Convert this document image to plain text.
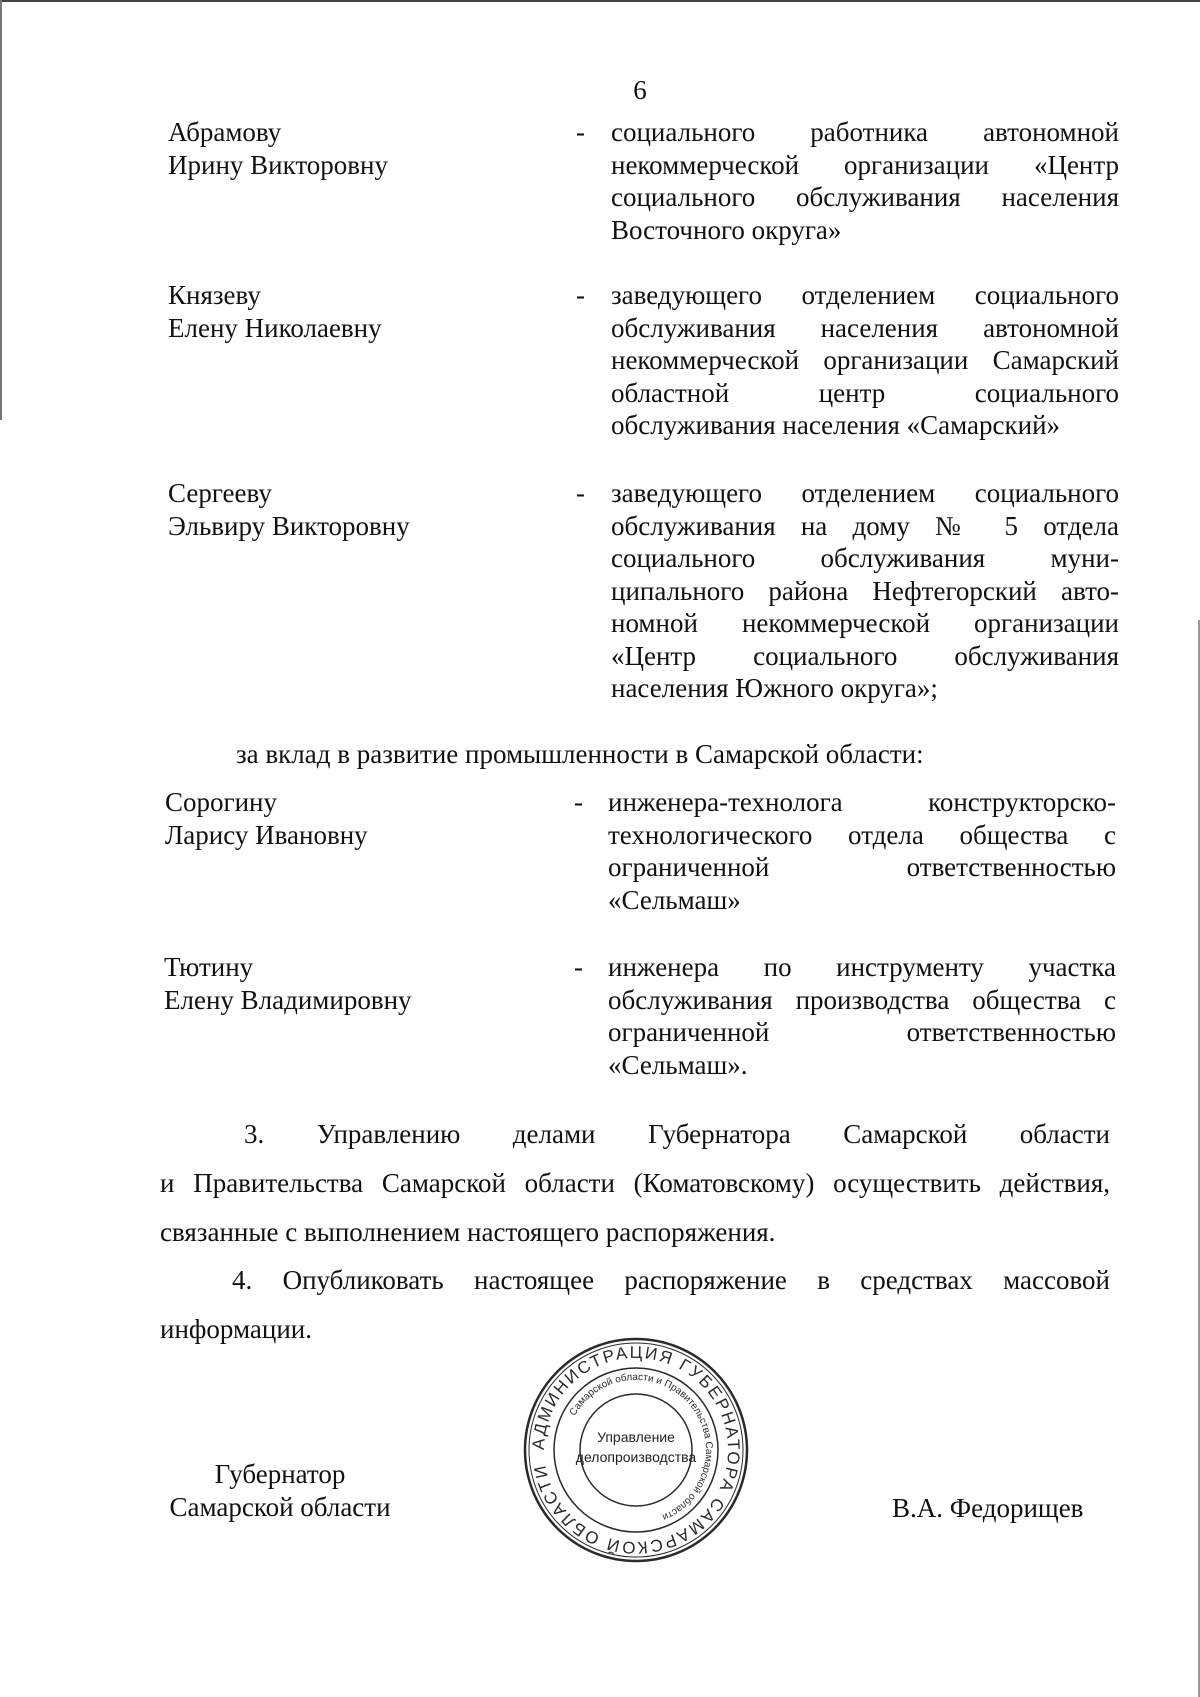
6
Абрамову
Ирину Викторовну
- социального работника автономной
некоммерческой организации «Центр
социального обслуживания населения
Восточного округа»
Князеву
Елену Николаевну
- заведующего отделением социального
обслуживания населения автономной
некоммерческой организации Самарский
областной центр социального
обслуживания населения «Самарский»
Сергееву
Эльвиру Викторовну
- заведующего отделением социального
обслуживания на дому № 5 отдела
социального обслуживания муни-
ципального района Нефтегорский авто-
номной некоммерческой организации
«Центр социального обслуживания
населения Южного округа»;
за вклад в развитие промышленности в Самарской области:
Сорогину
Ларису Ивановну
- инженера-технолога конструкторско-
технологического отдела общества с
ограниченной ответственностью
«Сельмаш»
Тютину
Елену Владимировну
- инженера по инструменту участка
обслуживания производства общества с
ограниченной ответственностью
«Сельмаш».
3. Управлению делами Губернатора Самарской области
и Правительства Самарской области (Коматовскому) осуществить действия,
связанные с выполнением настоящего распоряжения.
4. Опубликовать настоящее распоряжение в средствах массовой
информации.
Губернатор
Самарской области
АДМИНИСТРАЦИЯ ГУБЕРНАТОРА САМАРСКОЙ ОБЛАСТИ
Самарской области и Правительства Самарской области
Управление
делопроизводства
В.А. Федорищев
